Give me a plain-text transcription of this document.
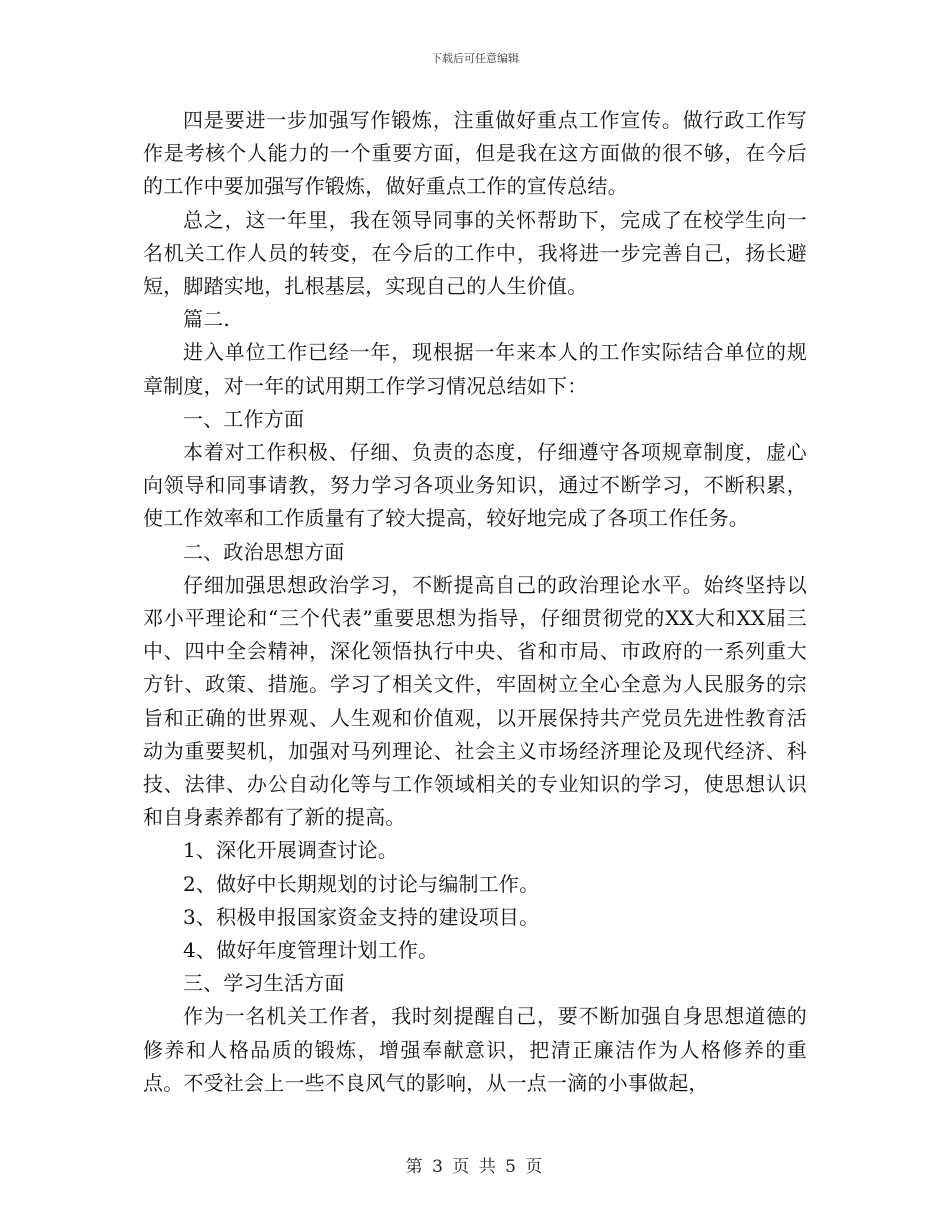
下载后可任意编辑

四是要进一步加强写作锻炼，注重做好重点工作宣传。做行政工作写作是考核个人能力的一个重要方面，但是我在这方面做的很不够，在今后的工作中要加强写作锻炼，做好重点工作的宣传总结。

总之，这一年里，我在领导同事的关怀帮助下，完成了在校学生向一名机关工作人员的转变，在今后的工作中，我将进一步完善自己，扬长避短，脚踏实地，扎根基层，实现自己的人生价值。

篇二.

进入单位工作已经一年，现根据一年来本人的工作实际结合单位的规章制度，对一年的试用期工作学习情况总结如下：

一、工作方面

本着对工作积极、仔细、负责的态度，仔细遵守各项规章制度，虚心向领导和同事请教，努力学习各项业务知识，通过不断学习，不断积累，使工作效率和工作质量有了较大提高，较好地完成了各项工作任务。

二、政治思想方面

仔细加强思想政治学习，不断提高自己的政治理论水平。始终坚持以邓小平理论和“三个代表”重要思想为指导，仔细贯彻党的XX大和XX届三中、四中全会精神，深化领悟执行中央、省和市局、市政府的一系列重大方针、政策、措施。学习了相关文件，牢固树立全心全意为人民服务的宗旨和正确的世界观、人生观和价值观，以开展保持共产党员先进性教育活动为重要契机，加强对马列理论、社会主义市场经济理论及现代经济、科技、法律、办公自动化等与工作领域相关的专业知识的学习，使思想认识和自身素养都有了新的提高。

1、深化开展调查讨论。

2、做好中长期规划的讨论与编制工作。

3、积极申报国家资金支持的建设项目。

4、做好年度管理计划工作。

三、学习生活方面

作为一名机关工作者，我时刻提醒自己，要不断加强自身思想道德的修养和人格品质的锻炼，增强奉献意识，把清正廉洁作为人格修养的重点。不受社会上一些不良风气的影响，从一点一滴的小事做起，

第 3 页 共 5 页
